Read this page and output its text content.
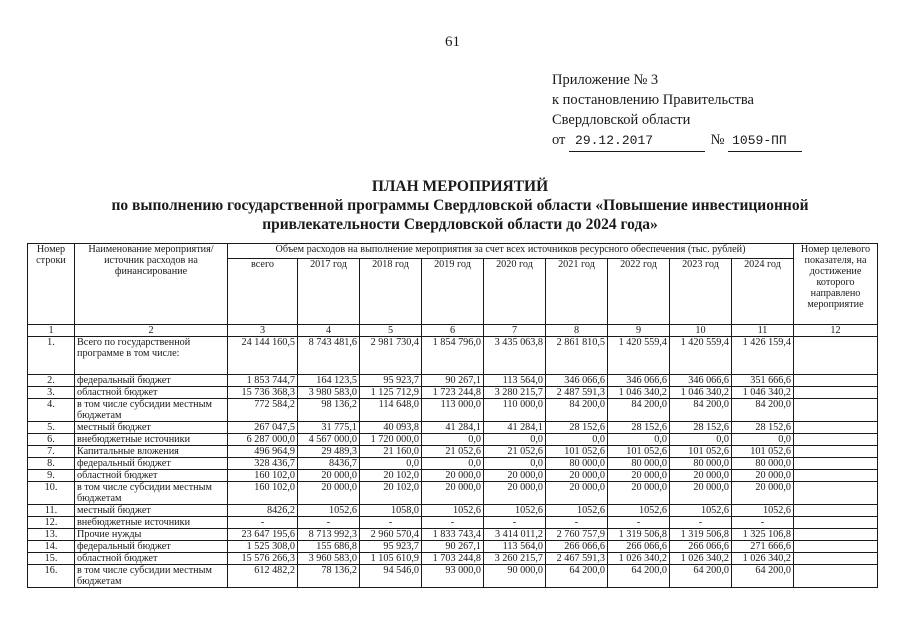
61
Приложение № 3
к постановлению Правительства
Свердловской области
от 29.12.2017	№ 1059-ПП
ПЛАН МЕРОПРИЯТИЙ
по выполнению государственной программы Свердловской области «Повышение инвестиционной
привлекательности Свердловской области до 2024 года»
Номер строки	Наименование мероприятия/ источник расходов на финансирование	Объем расходов на выполнение мероприятия за счет всех источников ресурсного обеспечения (тыс. рублей)									Номер целевого показателя, на достижение которого направлено мероприятие
		всего	2017 год	2018 год	2019 год	2020 год	2021 год	2022 год	2023 год	2024 год	
1	2	3	4	5	6	7	8	9	10	11	12
1.	Всего по государственной программе в том числе:	24 144 160,5	8 743 481,6	2 981 730,4	1 854 796,0	3 435 063,8	2 861 810,5	1 420 559,4	1 420 559,4	1 426 159,4	
2.	федеральный бюджет	1 853 744,7	164 123,5	95 923,7	90 267,1	113 564,0	346 066,6	346 066,6	346 066,6	351 666,6	
3.	областной бюджет	15 736 368,3	3 980 583,0	1 125 712,9	1 723 244,8	3 280 215,7	2 487 591,3	1 046 340,2	1 046 340,2	1 046 340,2	
4.	в том числе субсидии местным бюджетам	772 584,2	98 136,2	114 648,0	113 000,0	110 000,0	84 200,0	84 200,0	84 200,0	84 200,0	
5.	местный бюджет	267 047,5	31 775,1	40 093,8	41 284,1	41 284,1	28 152,6	28 152,6	28 152,6	28 152,6	
6.	внебюджетные источники	6 287 000,0	4 567 000,0	1 720 000,0	0,0	0,0	0,0	0,0	0,0	0,0	
7.	Капитальные вложения	496 964,9	29 489,3	21 160,0	21 052,6	21 052,6	101 052,6	101 052,6	101 052,6	101 052,6	
8.	федеральный бюджет	328 436,7	8436,7	0,0	0,0	0,0	80 000,0	80 000,0	80 000,0	80 000,0	
9.	областной бюджет	160 102,0	20 000,0	20 102,0	20 000,0	20 000,0	20 000,0	20 000,0	20 000,0	20 000,0	
10.	в том числе субсидии местным бюджетам	160 102,0	20 000,0	20 102,0	20 000,0	20 000,0	20 000,0	20 000,0	20 000,0	20 000,0	
11.	местный бюджет	8426,2	1052,6	1058,0	1052,6	1052,6	1052,6	1052,6	1052,6	1052,6	
12.	внебюджетные источники	-	-	-	-	-	-	-	-	-	
13.	Прочие нужды	23 647 195,6	8 713 992,3	2 960 570,4	1 833 743,4	3 414 011,2	2 760 757,9	1 319 506,8	1 319 506,8	1 325 106,8	
14.	федеральный бюджет	1 525 308,0	155 686,8	95 923,7	90 267,1	113 564,0	266 066,6	266 066,6	266 066,6	271 666,6	
15.	областной бюджет	15 576 266,3	3 960 583,0	1 105 610,9	1 703 244,8	3 260 215,7	2 467 591,3	1 026 340,2	1 026 340,2	1 026 340,2	
16.	в том числе субсидии местным бюджетам	612 482,2	78 136,2	94 546,0	93 000,0	90 000,0	64 200,0	64 200,0	64 200,0	64 200,0	
